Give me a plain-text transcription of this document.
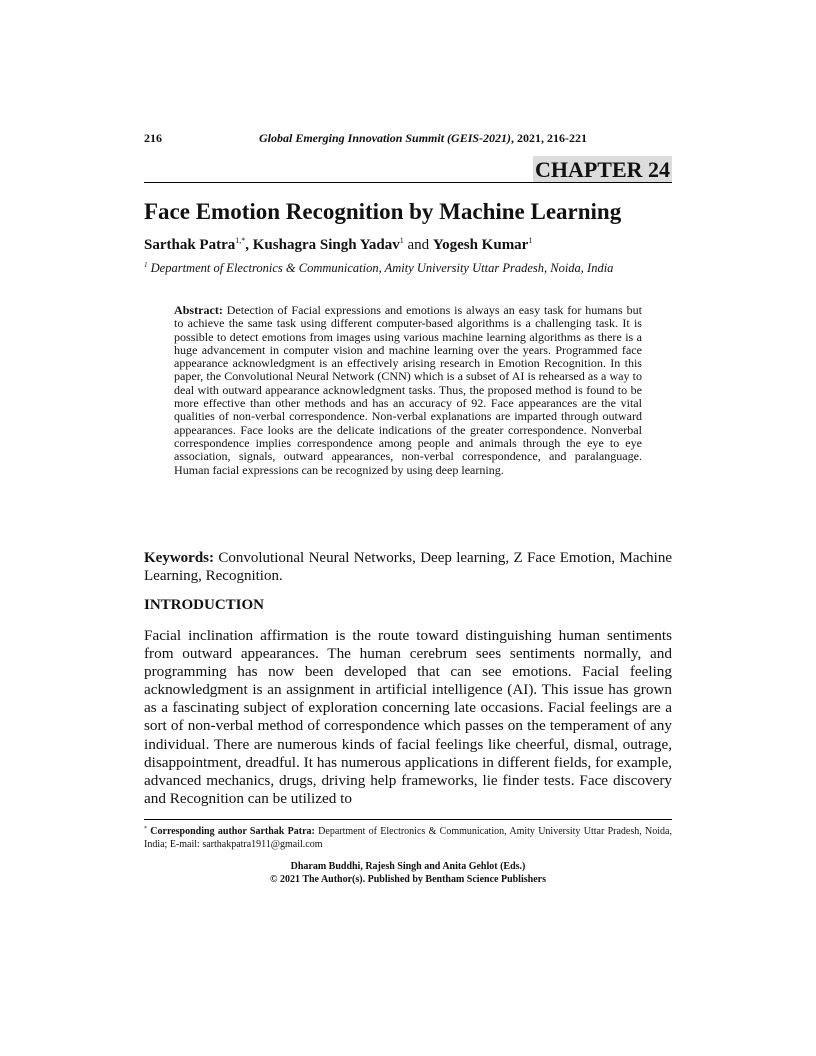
216	Global Emerging Innovation Summit (GEIS-2021), 2021, 216-221
CHAPTER 24
Face Emotion Recognition by Machine Learning
Sarthak Patra$^{1,*}$, Kushagra Singh Yadav$^1$ and Yogesh Kumar$^1$
$^1$ Department of Electronics & Communication, Amity University Uttar Pradesh, Noida, India
Abstract: Detection of Facial expressions and emotions is always an easy task for humans but to achieve the same task using different computer-based algorithms is a challenging task. It is possible to detect emotions from images using various machine learning algorithms as there is a huge advancement in computer vision and machine learning over the years. Programmed face appearance acknowledgment is an effectively arising research in Emotion Recognition. In this paper, the Convolutional Neural Network (CNN) which is a subset of AI is rehearsed as a way to deal with outward appearance acknowledgment tasks. Thus, the proposed method is found to be more effective than other methods and has an accuracy of 92. Face appearances are the vital qualities of non-verbal correspondence. Non-verbal explanations are imparted through outward appearances. Face looks are the delicate indications of the greater correspondence. Nonverbal correspondence implies correspondence among people and animals through the eye to eye association, signals, outward appearances, non-verbal correspondence, and paralanguage. Human facial expressions can be recognized by using deep learning.
Keywords: Convolutional Neural Networks, Deep learning, Z Face Emotion, Machine Learning, Recognition.
INTRODUCTION
Facial inclination affirmation is the route toward distinguishing human sentiments from outward appearances. The human cerebrum sees sentiments normally, and programming has now been developed that can see emotions. Facial feeling acknowledgment is an assignment in artificial intelligence (AI). This issue has grown as a fascinating subject of exploration concerning late occasions. Facial feelings are a sort of non-verbal method of correspondence which passes on the temperament of any individual. There are numerous kinds of facial feelings like cheerful, dismal, outrage, disappointment, dreadful. It has numerous applications in different fields, for example, advanced mechanics, drugs, driving help frameworks, lie finder tests. Face discovery and Recognition can be utilized to
* Corresponding author Sarthak Patra: Department of Electronics & Communication, Amity University Uttar Pradesh, Noida, India; E-mail: sarthakpatra1911@gmail.com
Dharam Buddhi, Rajesh Singh and Anita Gehlot (Eds.)
© 2021 The Author(s). Published by Bentham Science Publishers
